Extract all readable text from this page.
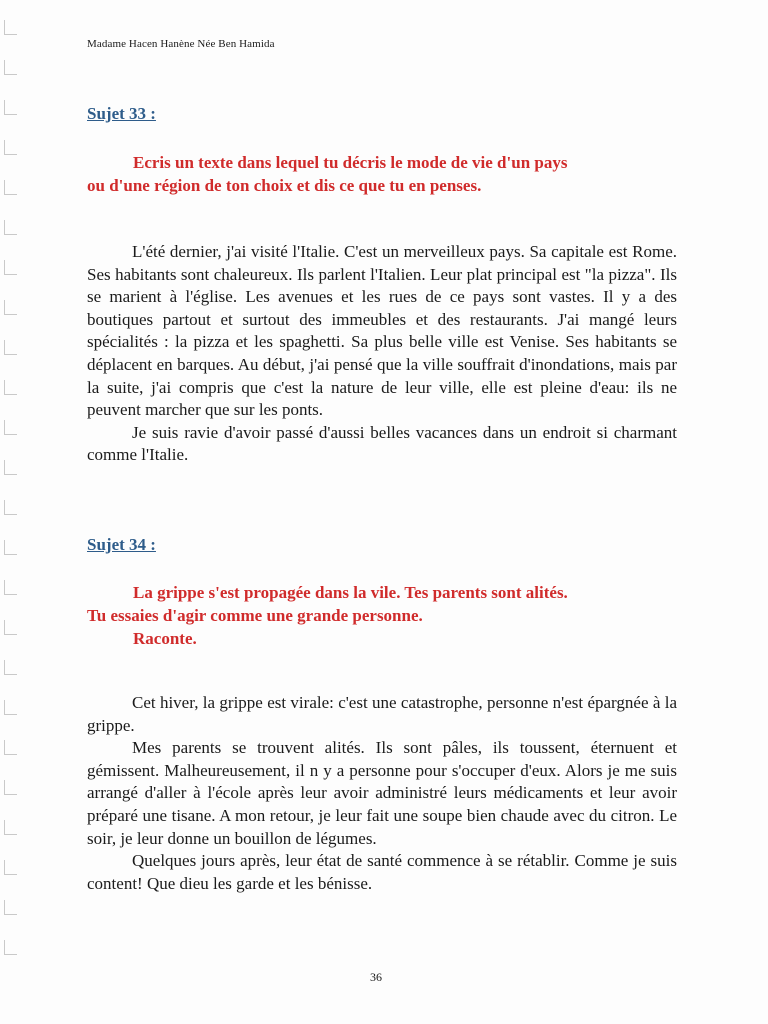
Madame Hacen Hanène Née Ben Hamida
Sujet 33 :
Ecris un texte dans lequel tu décris le mode de vie d'un pays
ou d'une région de ton choix et dis ce que tu en penses.

L'été dernier, j'ai visité l'Italie. C'est un merveilleux pays. Sa capitale est Rome. Ses habitants sont chaleureux. Ils parlent l'Italien. Leur plat principal est "la pizza". Ils se marient à l'église. Les avenues et les rues de ce pays sont vastes. Il y a des boutiques partout et surtout des immeubles et des restaurants. J'ai mangé leurs spécialités : la pizza et les spaghetti. Sa plus belle ville est Venise. Ses habitants se déplacent en barques. Au début, j'ai pensé que la ville souffrait d'inondations, mais par la suite, j'ai compris que c'est la nature de leur ville, elle est pleine d'eau: ils ne peuvent marcher que sur les ponts.

Je suis ravie d'avoir passé d'aussi belles vacances dans un endroit si charmant comme l'Italie.

Sujet 34 :
La grippe s'est propagée dans la vile. Tes parents sont alités.
Tu essaies d'agir comme une grande personne.
Raconte.

Cet hiver, la grippe est virale: c'est une catastrophe, personne n'est épargnée à la grippe.

Mes parents se trouvent alités. Ils sont pâles, ils toussent, éternuent et gémissent. Malheureusement, il n y a personne pour s'occuper d'eux. Alors je me suis arrangé d'aller à l'école après leur avoir administré leurs médicaments et leur avoir préparé une tisane. A mon retour, je leur fait une soupe bien chaude avec du citron. Le soir, je leur donne un bouillon de légumes.

Quelques jours après, leur état de santé commence à se rétablir. Comme je suis content! Que dieu les garde et les bénisse.

36
